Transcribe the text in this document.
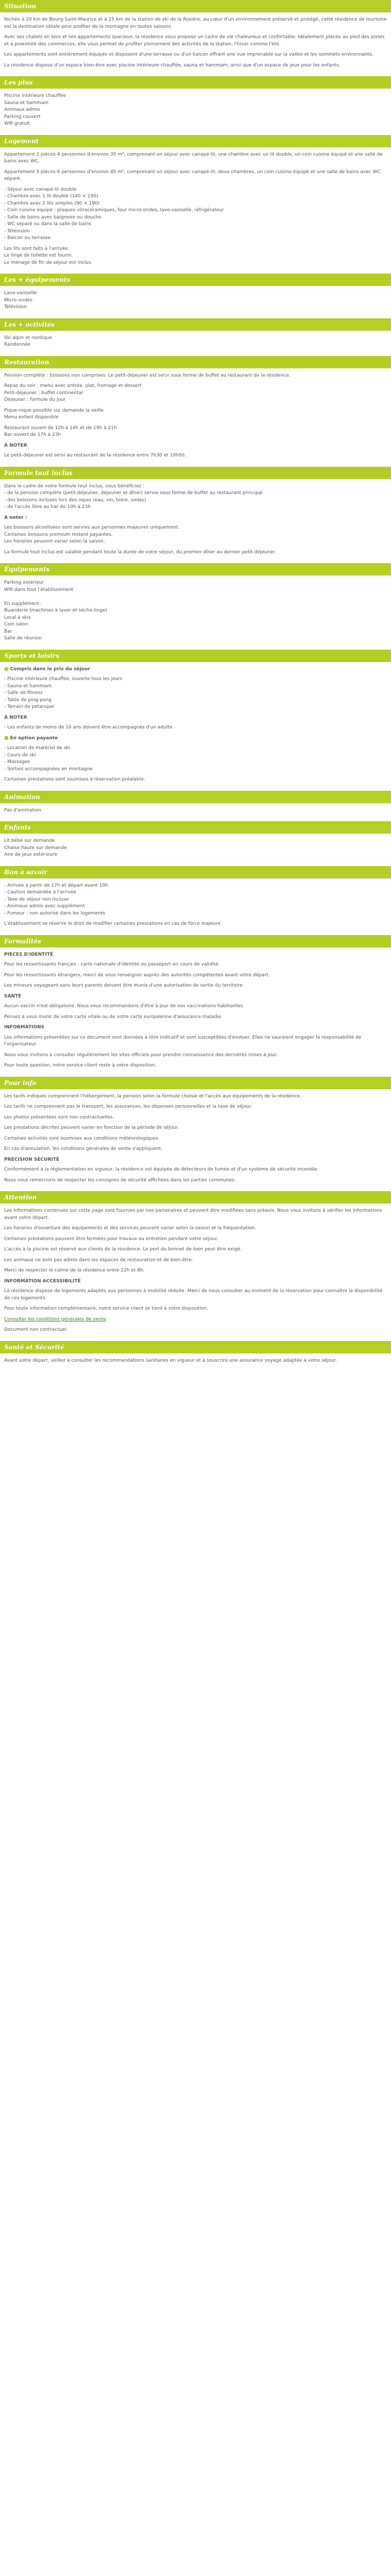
Situation

Nichée à 20 km de Bourg-Saint-Maurice et à 25 km de la station de ski de la Rosière, au cœur d'un environnement préservé et protégé, cette résidence de tourisme est la destination idéale pour profiter de la montagne en toutes saisons.

Avec ses chalets en bois et ses appartements spacieux, la résidence vous propose un cadre de vie chaleureux et confortable. Idéalement placée au pied des pistes et à proximité des commerces, elle vous permet de profiter pleinement des activités de la station, l'hiver comme l'été.

Les appartements sont entièrement équipés et disposent d'une terrasse ou d'un balcon offrant une vue imprenable sur la vallée et les sommets environnants.

La résidence dispose d'un espace bien-être avec piscine intérieure chauffée, sauna et hammam, ainsi que d'un espace de jeux pour les enfants.

Les plus
Piscine intérieure chauffée
Sauna et hammam
Animaux admis
Parking couvert
Wifi gratuit
Logement

Appartement 2 pièces 4 personnes d'environ 35 m², comprenant un séjour avec canapé-lit, une chambre avec un lit double, un coin cuisine équipé et une salle de bains avec WC.

Appartement 3 pièces 6 personnes d'environ 45 m², comprenant un séjour avec canapé-lit, deux chambres, un coin cuisine équipé et une salle de bains avec WC séparé.

- Séjour avec canapé-lit double
- Chambre avec 1 lit double (140 × 190)
- Chambre avec 2 lits simples (90 × 190)
- Coin cuisine équipé : plaques vitrocéramiques, four micro-ondes, lave-vaisselle, réfrigérateur
- Salle de bains avec baignoire ou douche
- WC séparé ou dans la salle de bains
- Télévision
- Balcon ou terrasse

Les lits sont faits à l'arrivée.
Le linge de toilette est fourni.
Le ménage de fin de séjour est inclus.
Les + équipements
Lave-vaisselle
Micro-ondes
Télévision
Les + activités
Ski alpin et nordique
Randonnée
Restauration

Pension complète : boissons non comprises. Le petit-déjeuner est servi sous forme de buffet au restaurant de la résidence.

Repas du soir : menu avec entrée, plat, fromage et dessert
Petit-déjeuner : buffet continental
Déjeuner : formule du jour

Pique-nique possible sur demande la veille
Menu enfant disponible

Restaurant ouvert de 12h à 14h et de 19h à 21h
Bar ouvert de 17h à 23h

À NOTER

Le petit-déjeuner est servi au restaurant de la résidence entre 7h30 et 10h00.

Formule tout inclus
Dans le cadre de notre formule tout inclus, vous bénéficiez :
- de la pension complète (petit-déjeuner, déjeuner et dîner) servie sous forme de buffet au restaurant principal
- des boissons incluses lors des repas (eau, vin, bière, sodas)
- de l'accès libre au bar de 10h à 23h

À noter :
Les boissons alcoolisées sont servies aux personnes majeures uniquement.
Certaines boissons premium restent payantes.
Les horaires peuvent varier selon la saison.

La formule tout inclus est valable pendant toute la durée de votre séjour, du premier dîner au dernier petit-déjeuner.

Équipements
Parking extérieur
Wifi dans tout l'établissement

En supplément :
Buanderie (machines à laver et sèche-linge)
Local à skis
Coin salon
Bar
Salle de réunion
Sports et loisirs
■ Compris dans le prix du séjour
- Piscine intérieure chauffée, ouverte tous les jours
- Sauna et hammam
- Salle de fitness
- Table de ping-pong
- Terrain de pétanque

À NOTER

- Les enfants de moins de 16 ans doivent être accompagnés d'un adulte

■ En option payante
- Location de matériel de ski
- Cours de ski
- Massages
- Sorties accompagnées en montagne

Certaines prestations sont soumises à réservation préalable.

Animation

Pas d'animation.

Enfants
Lit bébé sur demande
Chaise haute sur demande
Aire de jeux extérieure
Bon à savoir
- Arrivée à partir de 17h et départ avant 10h
- Caution demandée à l'arrivée
- Taxe de séjour non incluse
- Animaux admis avec supplément
- Fumeur : non autorisé dans les logements

L'établissement se réserve le droit de modifier certaines prestations en cas de force majeure.

Formalités
PIÈCES D'IDENTITÉ

Pour les ressortissants français : carte nationale d'identité ou passeport en cours de validité.

Pour les ressortissants étrangers, merci de vous renseigner auprès des autorités compétentes avant votre départ.

Les mineurs voyageant sans leurs parents doivent être munis d'une autorisation de sortie du territoire.

SANTÉ

Aucun vaccin n'est obligatoire. Nous vous recommandons d'être à jour de vos vaccinations habituelles.

Pensez à vous munir de votre carte vitale ou de votre carte européenne d'assurance maladie.

INFORMATIONS

Les informations présentées sur ce document sont données à titre indicatif et sont susceptibles d'évoluer. Elles ne sauraient engager la responsabilité de l'organisateur.

Nous vous invitons à consulter régulièrement les sites officiels pour prendre connaissance des dernières mises à jour.

Pour toute question, notre service client reste à votre disposition.

Pour info

Les tarifs indiqués comprennent l'hébergement, la pension selon la formule choisie et l'accès aux équipements de la résidence.

Les tarifs ne comprennent pas le transport, les assurances, les dépenses personnelles et la taxe de séjour.

Les photos présentées sont non contractuelles.

Les prestations décrites peuvent varier en fonction de la période de séjour.

Certaines activités sont soumises aux conditions météorologiques.

En cas d'annulation, les conditions générales de vente s'appliquent.

PRÉCISION SÉCURITÉ

Conformément à la réglementation en vigueur, la résidence est équipée de détecteurs de fumée et d'un système de sécurité incendie.

Nous vous remercions de respecter les consignes de sécurité affichées dans les parties communes.

Attention

Les informations contenues sur cette page sont fournies par nos partenaires et peuvent être modifiées sans préavis. Nous vous invitons à vérifier les informations avant votre départ.

Les horaires d'ouverture des équipements et des services peuvent varier selon la saison et la fréquentation.

Certaines prestations peuvent être fermées pour travaux ou entretien pendant votre séjour.

L'accès à la piscine est réservé aux clients de la résidence. Le port du bonnet de bain peut être exigé.

Les animaux ne sont pas admis dans les espaces de restauration et de bien-être.

Merci de respecter le calme de la résidence entre 22h et 8h.

INFORMATION ACCESSIBILITÉ

La résidence dispose de logements adaptés aux personnes à mobilité réduite. Merci de nous consulter au moment de la réservation pour connaître la disponibilité de ces logements.

Pour toute information complémentaire, notre service client se tient à votre disposition.

Consulter les conditions générales de vente

Document non contractuel.

Santé et Sécurité

Avant votre départ, veillez à consulter les recommandations sanitaires en vigueur et à souscrire une assurance voyage adaptée à votre séjour.
